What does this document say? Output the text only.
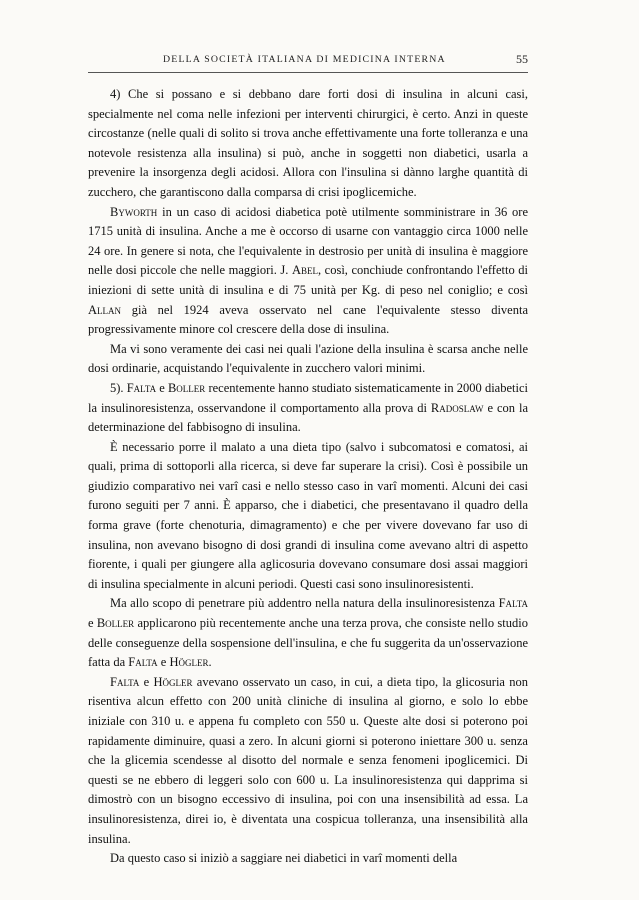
DELLA SOCIETÀ ITALIANA DI MEDICINA INTERNA	55

4) Che si possano e si debbano dare forti dosi di insulina in alcuni casi, specialmente nel coma nelle infezioni per interventi chirurgici, è certo. Anzi in queste circostanze (nelle quali di solito si trova anche effettivamente una forte tolleranza e una notevole resistenza alla insulina) si può, anche in soggetti non diabetici, usarla a prevenire la insorgenza degli acidosi. Allora con l'insulina si dànno larghe quantità di zucchero, che garantiscono dalla comparsa di crisi ipoglicemiche.

Byworth in un caso di acidosi diabetica potè utilmente somministrare in 36 ore 1715 unità di insulina. Anche a me è occorso di usarne con vantaggio circa 1000 nelle 24 ore. In genere si nota, che l'equivalente in destrosio per unità di insulina è maggiore nelle dosi piccole che nelle maggiori. J. Abel, così, conchiude confrontando l'effetto di iniezioni di sette unità di insulina e di 75 unità per Kg. di peso nel coniglio; e così Allan già nel 1924 aveva osservato nel cane l'equivalente stesso diventa progressivamente minore col crescere della dose di insulina.

Ma vi sono veramente dei casi nei quali l'azione della insulina è scarsa anche nelle dosi ordinarie, acquistando l'equivalente in zucchero valori minimi.

5). Falta e Boller recentemente hanno studiato sistematicamente in 2000 diabetici la insulinoresistenza, osservandone il comportamento alla prova di Radoslaw e con la determinazione del fabbisogno di insulina.

È necessario porre il malato a una dieta tipo (salvo i subcomatosi e comatosi, ai quali, prima di sottoporli alla ricerca, si deve far superare la crisi). Così è possibile un giudizio comparativo nei varî casi e nello stesso caso in varî momenti. Alcuni dei casi furono seguiti per 7 anni. È apparso, che i diabetici, che presentavano il quadro della forma grave (forte chenoturia, dimagramento) e che per vivere dovevano far uso di insulina, non avevano bisogno di dosi grandi di insulina come avevano altri di aspetto fiorente, i quali per giungere alla aglicosuria dovevano consumare dosi assai maggiori di insulina specialmente in alcuni periodi. Questi casi sono insulinoresistenti.

Ma allo scopo di penetrare più addentro nella natura della insulinoresistenza Falta e Boller applicarono più recentemente anche una terza prova, che consiste nello studio delle conseguenze della sospensione dell'insulina, e che fu suggerita da un'osservazione fatta da Falta e Högler.

Falta e Högler avevano osservato un caso, in cui, a dieta tipo, la glicosuria non risentiva alcun effetto con 200 unità cliniche di insulina al giorno, e solo lo ebbe iniziale con 310 u. e appena fu completo con 550 u. Queste alte dosi si poterono poi rapidamente diminuire, quasi a zero. In alcuni giorni si poterono iniettare 300 u. senza che la glicemia scendesse al disotto del normale e senza fenomeni ipoglicemici. Di questi se ne ebbero di leggeri solo con 600 u. La insulinoresistenza qui dapprima si dimostrò con un bisogno eccessivo di insulina, poi con una insensibilità ad essa. La insulinoresistenza, direi io, è diventata una cospicua tolleranza, una insensibilità alla insulina.

Da questo caso si iniziò a saggiare nei diabetici in varî momenti della
